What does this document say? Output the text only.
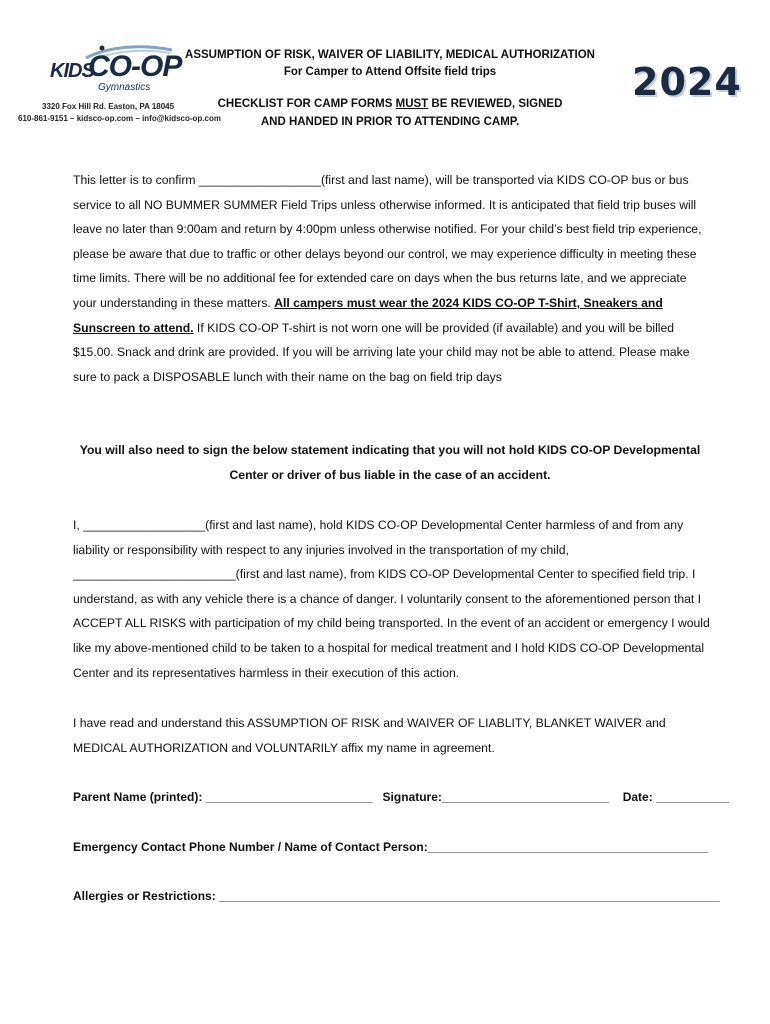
KIDS
CO-OP
Gymnastics
3320 Fox Hill Rd. Easton, PA 18045
610-861-9151 – kidsco-op.com – info@kidsco-op.com
ASSUMPTION OF RISK, WAIVER OF LIABILITY, MEDICAL AUTHORIZATION
For Camper to Attend Offsite field trips
CHECKLIST FOR CAMP FORMS MUST BE REVIEWED, SIGNED
AND HANDED IN PRIOR TO ATTENDING CAMP.
2024
This letter is to confirm __________________(first and last name), will be transported via KIDS CO-OP bus or bus service to all NO BUMMER SUMMER Field Trips unless otherwise informed. It is anticipated that field trip buses will leave no later than 9:00am and return by 4:00pm unless otherwise notified. For your child’s best field trip experience, please be aware that due to traffic or other delays beyond our control, we may experience difficulty in meeting these time limits. There will be no additional fee for extended care on days when the bus returns late, and we appreciate your understanding in these matters. All campers must wear the 2024 KIDS CO-OP T-Shirt, Sneakers and Sunscreen to attend. If KIDS CO-OP T-shirt is not worn one will be provided (if available) and you will be billed $15.00. Snack and drink are provided. If you will be arriving late your child may not be able to attend. Please make sure to pack a DISPOSABLE lunch with their name on the bag on field trip days
You will also need to sign the below statement indicating that you will not hold KIDS CO-OP Developmental Center or driver of bus liable in the case of an accident.
I, __________________(first and last name), hold KIDS CO-OP Developmental Center harmless of and from any liability or responsibility with respect to any injuries involved in the transportation of my child, ________________________(first and last name), from KIDS CO-OP Developmental Center to specified field trip. I understand, as with any vehicle there is a chance of danger. I voluntarily consent to the aforementioned person that I ACCEPT ALL RISKS with participation of my child being transported. In the event of an accident or emergency I would like my above-mentioned child to be taken to a hospital for medical treatment and I hold KIDS CO-OP Developmental Center and its representatives harmless in their execution of this action.
I have read and understand this ASSUMPTION OF RISK and WAIVER OF LIABLITY, BLANKET WAIVER and MEDICAL AUTHORIZATION and VOLUNTARILY affix my name in agreement.
Parent Name (printed): _________________________ Signature:_________________________ Date: ___________
Emergency Contact Phone Number / Name of Contact Person:__________________________________________
Allergies or Restrictions: ___________________________________________________________________________
